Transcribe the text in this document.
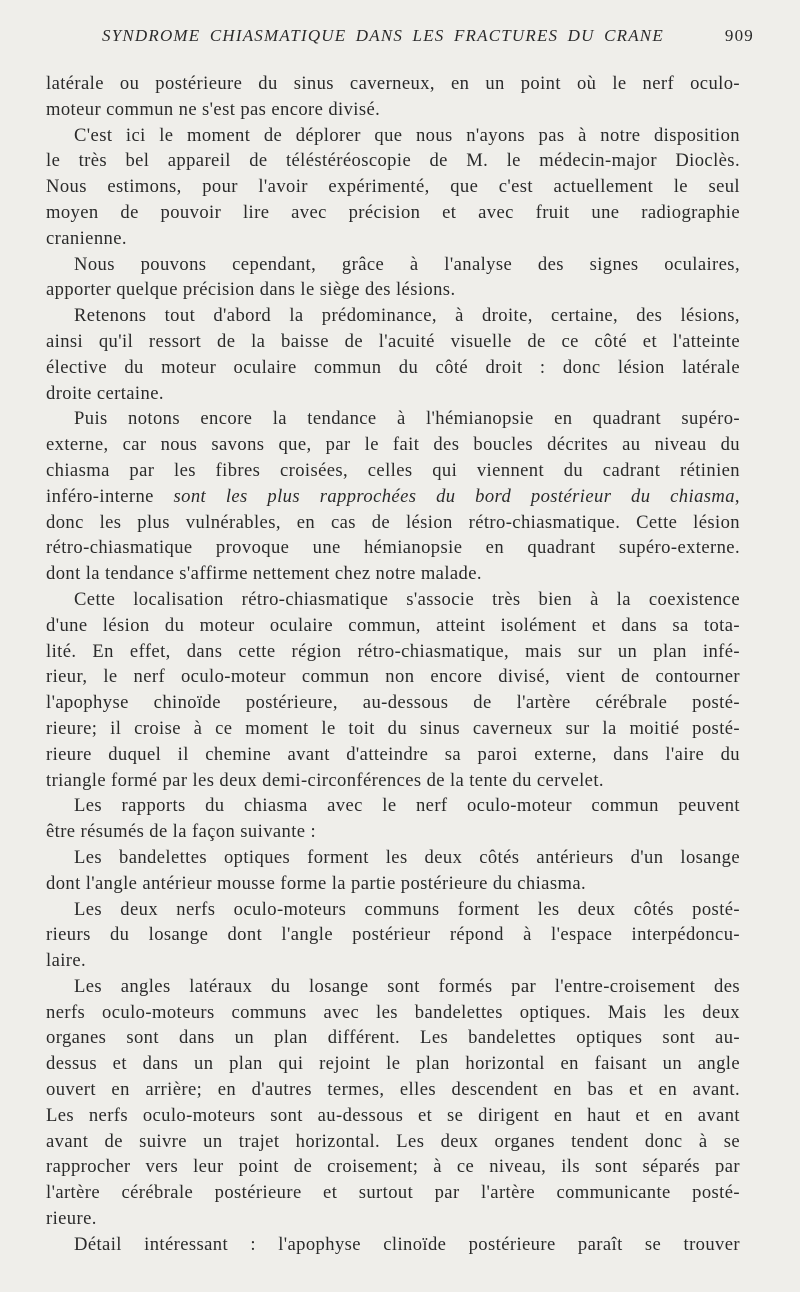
SYNDROME CHIASMATIQUE DANS LES FRACTURES DU CRANE	909
latérale ou postérieure du sinus caverneux, en un point où le nerf oculo-
moteur commun ne s'est pas encore divisé.
C'est ici le moment de déplorer que nous n'ayons pas à notre disposition
le très bel appareil de téléstéréoscopie de M. le médecin-major Dioclès.
Nous estimons, pour l'avoir expérimenté, que c'est actuellement le seul
moyen de pouvoir lire avec précision et avec fruit une radiographie
cranienne.
Nous pouvons cependant, grâce à l'analyse des signes oculaires,
apporter quelque précision dans le siège des lésions.
Retenons tout d'abord la prédominance, à droite, certaine, des lésions,
ainsi qu'il ressort de la baisse de l'acuité visuelle de ce côté et l'atteinte
élective du moteur oculaire commun du côté droit : donc lésion latérale
droite certaine.
Puis notons encore la tendance à l'hémianopsie en quadrant supéro-
externe, car nous savons que, par le fait des boucles décrites au niveau du
chiasma par les fibres croisées, celles qui viennent du cadrant rétinien
inféro-interne sont les plus rapprochées du bord postérieur du chiasma,
donc les plus vulnérables, en cas de lésion rétro-chiasmatique. Cette lésion
rétro-chiasmatique provoque une hémianopsie en quadrant supéro-externe.
dont la tendance s'affirme nettement chez notre malade.
Cette localisation rétro-chiasmatique s'associe très bien à la coexistence
d'une lésion du moteur oculaire commun, atteint isolément et dans sa tota-
lité. En effet, dans cette région rétro-chiasmatique, mais sur un plan infé-
rieur, le nerf oculo-moteur commun non encore divisé, vient de contourner
l'apophyse chinoïde postérieure, au-dessous de l'artère cérébrale posté-
rieure; il croise à ce moment le toit du sinus caverneux sur la moitié posté-
rieure duquel il chemine avant d'atteindre sa paroi externe, dans l'aire du
triangle formé par les deux demi-circonférences de la tente du cervelet.
Les rapports du chiasma avec le nerf oculo-moteur commun peuvent
être résumés de la façon suivante :
Les bandelettes optiques forment les deux côtés antérieurs d'un losange
dont l'angle antérieur mousse forme la partie postérieure du chiasma.
Les deux nerfs oculo-moteurs communs forment les deux côtés posté-
rieurs du losange dont l'angle postérieur répond à l'espace interpédoncu-
laire.
Les angles latéraux du losange sont formés par l'entre-croisement des
nerfs oculo-moteurs communs avec les bandelettes optiques. Mais les deux
organes sont dans un plan différent. Les bandelettes optiques sont au-
dessus et dans un plan qui rejoint le plan horizontal en faisant un angle
ouvert en arrière; en d'autres termes, elles descendent en bas et en avant.
Les nerfs oculo-moteurs sont au-dessous et se dirigent en haut et en avant
avant de suivre un trajet horizontal. Les deux organes tendent donc à se
rapprocher vers leur point de croisement; à ce niveau, ils sont séparés par
l'artère cérébrale postérieure et surtout par l'artère communicante posté-
rieure.
Détail intéressant : l'apophyse clinoïde postérieure paraît se trouver
